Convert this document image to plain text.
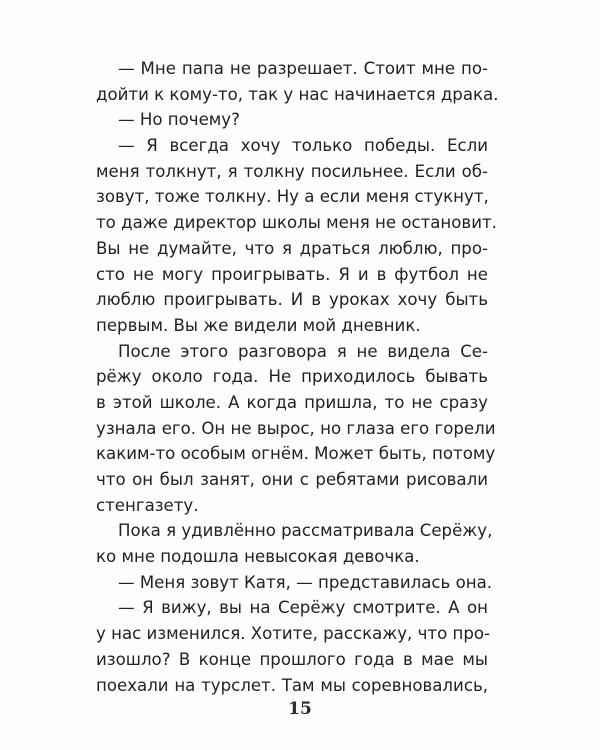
— Мне папа не разрешает. Стоит мне по-
дойти к кому-то, так у нас начинается драка.
— Но почему?
— Я всегда хочу только победы. Если
меня толкнут, я толкну посильнее. Если об-
зовут, тоже толкну. Ну а если меня стукнут,
то даже директор школы меня не остановит.
Вы не думайте, что я драться люблю, про-
сто не могу проигрывать. Я и в футбол не
люблю проигрывать. И в уроках хочу быть
первым. Вы же видели мой дневник.
После этого разговора я не видела Се-
рёжу около года. Не приходилось бывать
в этой школе. А когда пришла, то не сразу
узнала его. Он не вырос, но глаза его горели
каким-то особым огнём. Может быть, потому
что он был занят, они с ребятами рисовали
стенгазету.
Пока я удивлённо рассматривала Серёжу,
ко мне подошла невысокая девочка.
— Меня зовут Катя, — представилась она.
— Я вижу, вы на Серёжу смотрите. А он
у нас изменился. Хотите, расскажу, что про-
изошло? В конце прошлого года в мае мы
поехали на турслет. Там мы соревновались,
15
